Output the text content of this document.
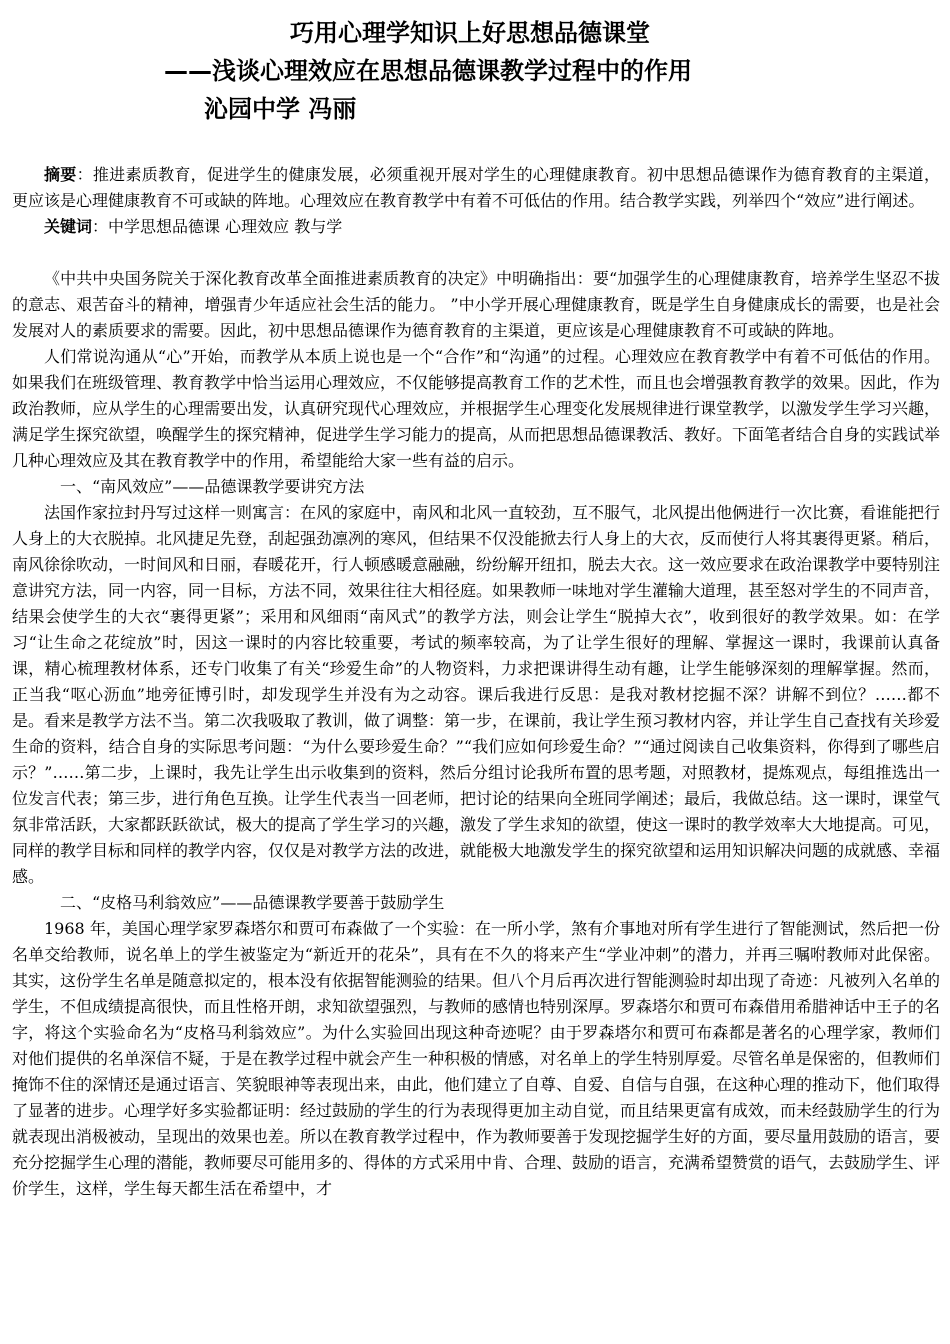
巧用心理学知识上好思想品德课堂
——浅谈心理效应在思想品德课教学过程中的作用
沁园中学 冯丽

摘要：推进素质教育，促进学生的健康发展，必须重视开展对学生的心理健康教育。初中思想品德课作为德育教育的主渠道，更应该是心理健康教育不可或缺的阵地。心理效应在教育教学中有着不可低估的作用。结合教学实践，列举四个“效应”进行阐述。

关键词：中学思想品德课 心理效应 教与学

《中共中央国务院关于深化教育改革全面推进素质教育的决定》中明确指出：要“加强学生的心理健康教育，培养学生坚忍不拔的意志、艰苦奋斗的精神，增强青少年适应社会生活的能力。 ”中小学开展心理健康教育，既是学生自身健康成长的需要，也是社会发展对人的素质要求的需要。因此，初中思想品德课作为德育教育的主渠道，更应该是心理健康教育不可或缺的阵地。

人们常说沟通从“心”开始，而教学从本质上说也是一个“合作”和“沟通”的过程。心理效应在教育教学中有着不可低估的作用。如果我们在班级管理、教育教学中恰当运用心理效应，不仅能够提高教育工作的艺术性，而且也会增强教育教学的效果。因此，作为政治教师，应从学生的心理需要出发，认真研究现代心理效应，并根据学生心理变化发展规律进行课堂教学，以激发学生学习兴趣，满足学生探究欲望，唤醒学生的探究精神，促进学生学习能力的提高，从而把思想品德课教活、教好。下面笔者结合自身的实践试举几种心理效应及其在教育教学中的作用，希望能给大家一些有益的启示。

一、“南风效应”——品德课教学要讲究方法

法国作家拉封丹写过这样一则寓言：在风的家庭中，南风和北风一直较劲，互不服气，北风提出他俩进行一次比赛，看谁能把行人身上的大衣脱掉。北风捷足先登，刮起强劲凛冽的寒风，但结果不仅没能掀去行人身上的大衣，反而使行人将其裹得更紧。稍后，南风徐徐吹动，一时间风和日丽，春暖花开，行人顿感暖意融融，纷纷解开纽扣，脱去大衣。这一效应要求在政治课教学中要特别注意讲究方法，同一内容，同一目标，方法不同，效果往往大相径庭。如果教师一味地对学生灌输大道理，甚至怒对学生的不同声音，结果会使学生的大衣“裹得更紧”；采用和风细雨“南风式”的教学方法，则会让学生“脱掉大衣”，收到很好的教学效果。如：在学习“让生命之花绽放”时，因这一课时的内容比较重要，考试的频率较高，为了让学生很好的理解、掌握这一课时，我课前认真备课，精心梳理教材体系，还专门收集了有关“珍爱生命”的人物资料，力求把课讲得生动有趣，让学生能够深刻的理解掌握。然而，正当我“呕心沥血”地旁征博引时，却发现学生并没有为之动容。课后我进行反思：是我对教材挖掘不深？讲解不到位？……都不是。看来是教学方法不当。第二次我吸取了教训，做了调整：第一步，在课前，我让学生预习教材内容，并让学生自己查找有关珍爱生命的资料，结合自身的实际思考问题：“为什么要珍爱生命？”“我们应如何珍爱生命？”“通过阅读自己收集资料，你得到了哪些启示？”……第二步，上课时，我先让学生出示收集到的资料，然后分组讨论我所布置的思考题，对照教材，提炼观点，每组推选出一位发言代表；第三步，进行角色互换。让学生代表当一回老师，把讨论的结果向全班同学阐述；最后，我做总结。这一课时，课堂气氛非常活跃，大家都跃跃欲试，极大的提高了学生学习的兴趣，激发了学生求知的欲望，使这一课时的教学效率大大地提高。可见，同样的教学目标和同样的教学内容，仅仅是对教学方法的改进，就能极大地激发学生的探究欲望和运用知识解决问题的成就感、幸福感。

二、“皮格马利翁效应”——品德课教学要善于鼓励学生

1968 年，美国心理学家罗森塔尔和贾可布森做了一个实验：在一所小学，煞有介事地对所有学生进行了智能测试，然后把一份名单交给教师，说名单上的学生被鉴定为“新近开的花朵”，具有在不久的将来产生“学业冲刺”的潜力，并再三嘱咐教师对此保密。其实，这份学生名单是随意拟定的，根本没有依据智能测验的结果。但八个月后再次进行智能测验时却出现了奇迹：凡被列入名单的学生，不但成绩提高很快，而且性格开朗，求知欲望强烈，与教师的感情也特别深厚。罗森塔尔和贾可布森借用希腊神话中王子的名字，将这个实验命名为“皮格马利翁效应”。为什么实验回出现这种奇迹呢？由于罗森塔尔和贾可布森都是著名的心理学家，教师们对他们提供的名单深信不疑，于是在教学过程中就会产生一种积极的情感，对名单上的学生特别厚爱。尽管名单是保密的，但教师们掩饰不住的深情还是通过语言、笑貌眼神等表现出来，由此，他们建立了自尊、自爱、自信与自强，在这种心理的推动下，他们取得了显著的进步。心理学好多实验都证明：经过鼓励的学生的行为表现得更加主动自觉，而且结果更富有成效，而未经鼓励学生的行为就表现出消极被动，呈现出的效果也差。所以在教育教学过程中，作为教师要善于发现挖掘学生好的方面，要尽量用鼓励的语言，要充分挖掘学生心理的潜能，教师要尽可能用多的、得体的方式采用中肯、合理、鼓励的语言，充满希望赞赏的语气，去鼓励学生、评价学生，这样，学生每天都生活在希望中，才
